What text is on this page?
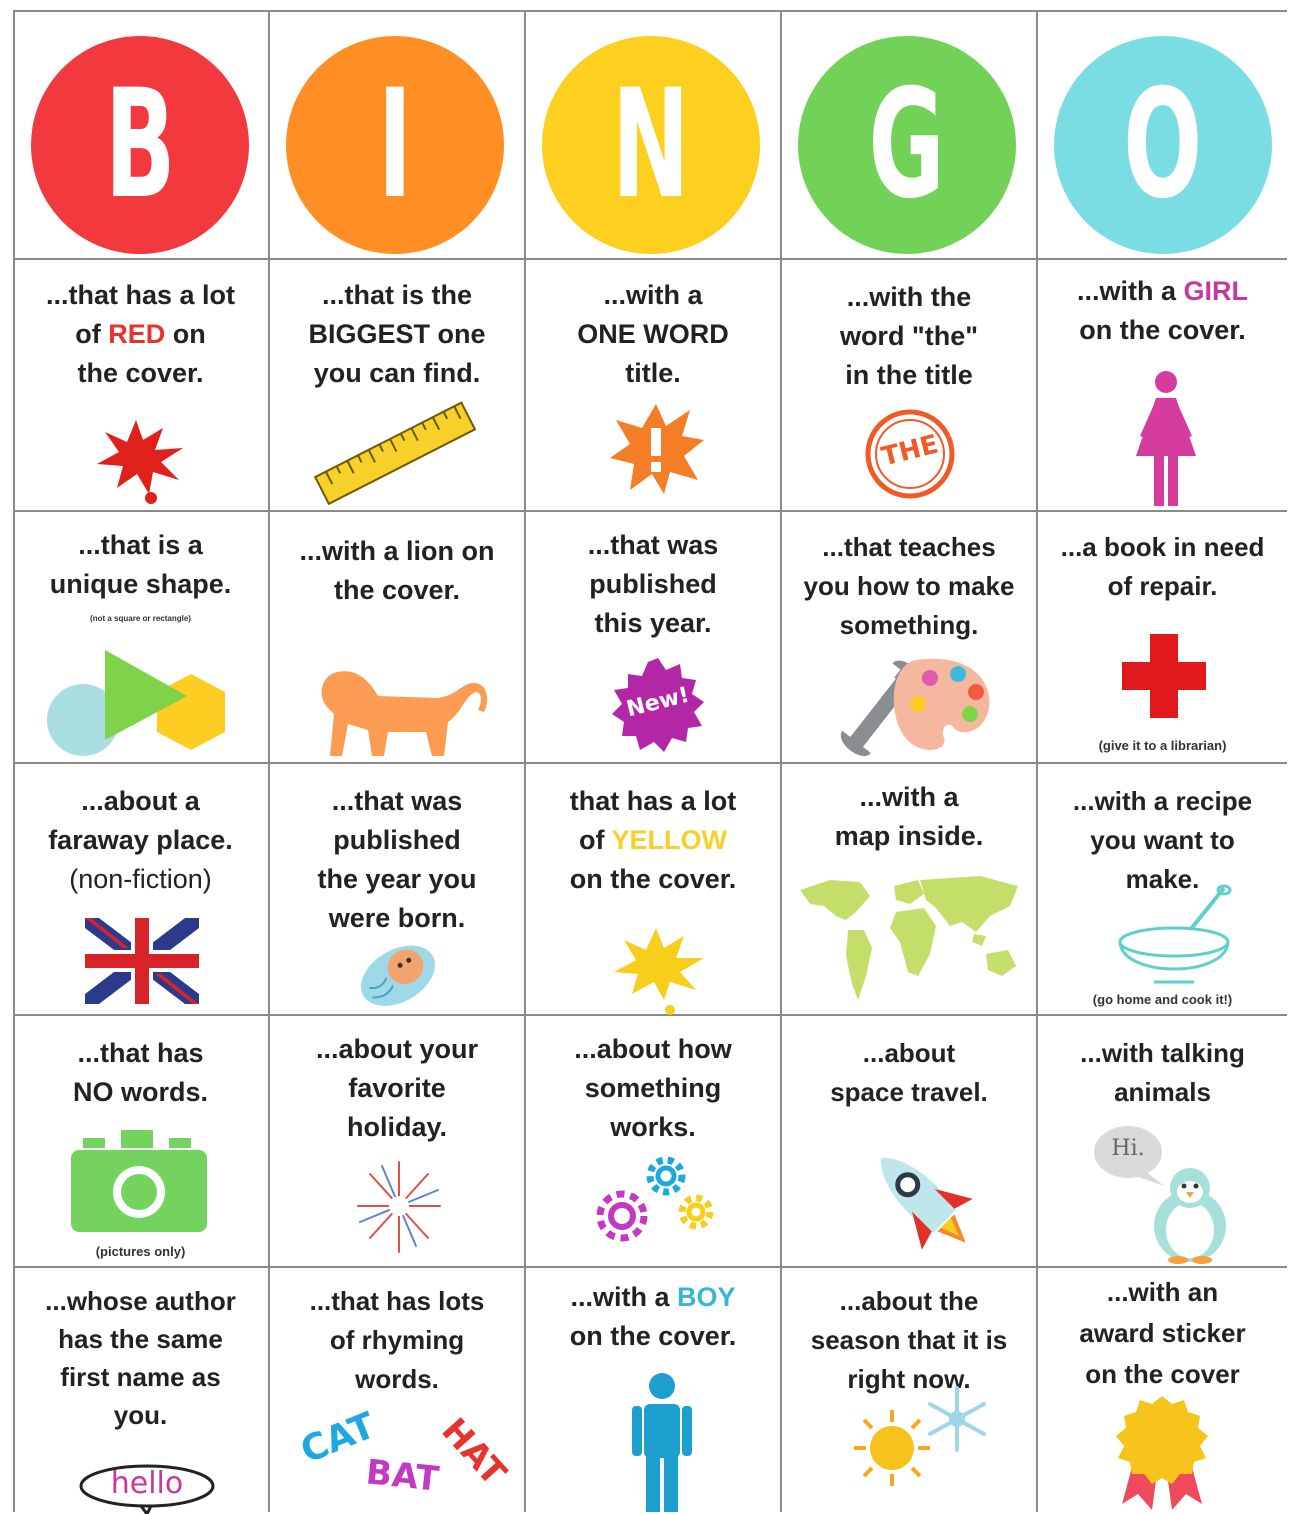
B I N G O
...that has a lot
of RED on
the cover.
...that is the
BIGGEST one
you can find.
...with a
ONE WORD
title.
...with the
word "the"
in the title
THE
...with a GIRL
on the cover.
...that is a
unique shape.
(not a square or rectangle)
...with a lion on
the cover.
...that was
published
this year.
New!
...that teaches
you how to make
something.
...a book in need
of repair.
(give it to a librarian)
...about a
faraway place.
(non-fiction)
...that was
published
the year you
were born.
that has a lot
of YELLOW
on the cover.
...with a
map inside.
...with a recipe
you want to
make.
(go home and cook it!)
...that has
NO words.
(pictures only)
...about your
favorite
holiday.
...about how
something
works.
...about
space travel.
...with talking
animals
Hi.
...whose author
has the same
first name as
you.
hello
...that has lots
of rhyming
words.
CAT
BAT
HAT
...with a BOY
on the cover.
...about the
season that it is
right now.
...with an
award sticker
on the cover
